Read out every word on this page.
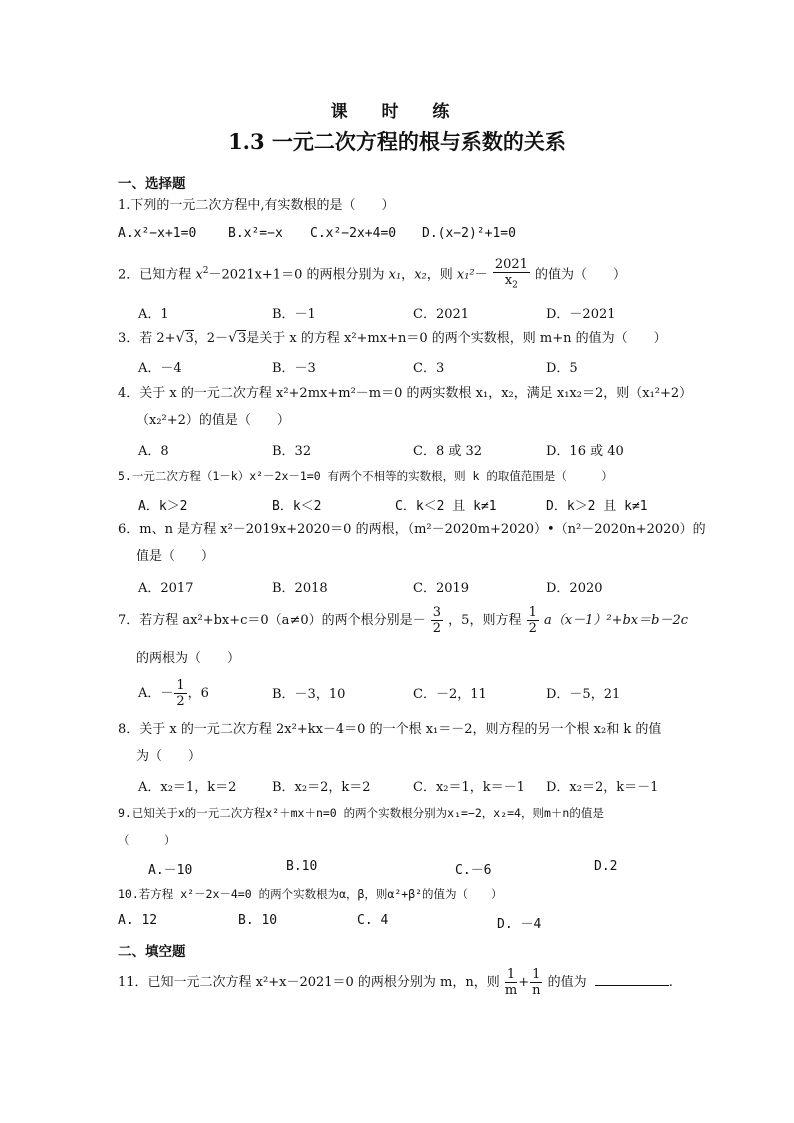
课 时 练
1.3 一元二次方程的根与系数的关系
一、选择题
1.下列的一元二次方程中,有实数根的是（　　）
A.x²−x+1=0 B.x²=−x C.x²−2x+4=0 D.(x−2)²+1=0
2．已知方程 $x^2-2021x+1=0$ 的两根分别为 x₁，x₂，则 $x_1^2- \frac{2021}{x_2}$ 的值为（　　）
A．1	B．－1	C．2021	D．－2021
3．若 2+√3，2－√3是关于 x 的方程 x²+mx+n＝0 的两个实数根，则 m+n 的值为（　　）
A．－4	B．－3	C．3	D．5
4．关于 x 的一元二次方程 x²+2mx+m²－m＝0 的两实数根 x₁，x₂，满足 x₁x₂＝2，则（x₁²+2）
（x₂²+2）的值是（　　）
A．8	B．32	C．8 或 32	D．16 或 40
5.一元二次方程（1－k）x²－2x－1=0 有两个不相等的实数根，则 k 的取值范围是（　　　）
A．k＞2	B．k＜2	C．k＜2 且 k≠1	D．k＞2 且 k≠1
6．m、n 是方程 x²－2019x+2020＝0 的两根，（m²－2020m+2020）•（n²－2020n+2020）的
值是（　　）
A．2017	B．2018	C．2019	D．2020
7．若方程 ax²+bx+c＝0（a≠0）的两个根分别是－ $\frac{3}{2}$ ，5，则方程 $\frac{1}{2} a(x-1)^2+bx=b-2c$
的两根为（　　）
A．－ $\frac{1}{2}$ ，6	B．－3，10	C．－2，11	D．－5，21
8．关于 x 的一元二次方程 2x²+kx－4＝0 的一个根 x₁＝－2，则方程的另一个根 x₂和 k 的值
为（　　）
A．x₂＝1，k＝2	B．x₂＝2，k＝2	C．x₂＝1，k＝－1 D．x₂＝2，k＝－1
9.已知关于x的一元二次方程x²＋mx＋n=0 的两个实数根分别为x₁=−2，x₂=4，则m＋n的值是
（　　　）
A.－10	B.10	C.－6	D.2
10.若方程 x²－2x－4=0 的两个实数根为α，β，则α²+β²的值为（　　）
A. 12	B. 10	C. 4	D. －4
二、填空题
11．已知一元二次方程 x²+x－2021＝0 的两根分别为 m，n，则 $\frac{1}{m} + \frac{1}{n}$ 的值为	.
